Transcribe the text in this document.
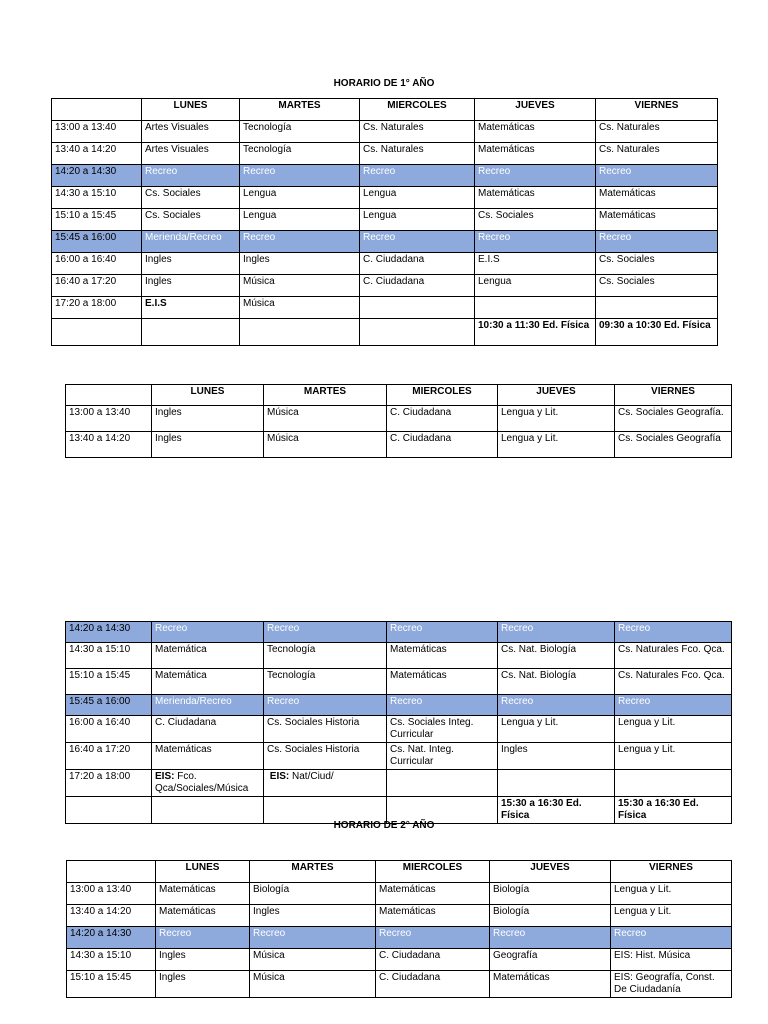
HORARIO DE 1° AÑO
	LUNES	MARTES	MIERCOLES	JUEVES	VIERNES
13:00 a 13:40	Artes Visuales	Tecnología	Cs. Naturales	Matemáticas	Cs. Naturales
13:40 a 14:20	Artes Visuales	Tecnología	Cs. Naturales	Matemáticas	Cs. Naturales
14:20 a 14:30	Recreo	Recreo	Recreo	Recreo	Recreo
14:30 a 15:10	Cs. Sociales	Lengua	Lengua	Matemáticas	Matemáticas
15:10 a 15:45	Cs. Sociales	Lengua	Lengua	Cs. Sociales	Matemáticas
15:45 a 16:00	Merienda/Recreo	Recreo	Recreo	Recreo	Recreo
16:00 a 16:40	Ingles	Ingles	C. Ciudadana	E.I.S	Cs. Sociales
16:40 a 17:20	Ingles	Música	C. Ciudadana	Lengua	Cs. Sociales
17:20 a 18:00	E.I.S	Música			
				10:30 a 11:30 Ed. Física	09:30 a 10:30 Ed. Física
	LUNES	MARTES	MIERCOLES	JUEVES	VIERNES
13:00 a 13:40	Ingles	Música	C. Ciudadana	Lengua y Lit.	Cs. Sociales Geografía.
13:40 a 14:20	Ingles	Música	C. Ciudadana	Lengua y Lit.	Cs. Sociales Geografía
14:20 a 14:30	Recreo	Recreo	Recreo	Recreo	Recreo
14:30 a 15:10	Matemática	Tecnología	Matemáticas	Cs. Nat. Biología	Cs. Naturales Fco. Qca.
15:10 a 15:45	Matemática	Tecnología	Matemáticas	Cs. Nat. Biología	Cs. Naturales Fco. Qca.
15:45 a 16:00	Merienda/Recreo	Recreo	Recreo	Recreo	Recreo
16:00 a 16:40	C. Ciudadana	Cs. Sociales Historia	Cs. Sociales Integ. Curricular	Lengua y Lit.	Lengua y Lit.
16:40 a 17:20	Matemáticas	Cs. Sociales Historia	Cs. Nat. Integ. Curricular	Ingles	Lengua y Lit.
17:20 a 18:00	EIS: Fco. Qca/Sociales/Música	EIS: Nat/Ciud/			
				15:30 a 16:30 Ed. Física	15:30 a 16:30 Ed. Física
HORARIO DE 2° AÑO
	LUNES	MARTES	MIERCOLES	JUEVES	VIERNES
13:00 a 13:40	Matemáticas	Biología	Matemáticas	Biología	Lengua y Lit.
13:40 a 14:20	Matemáticas	Ingles	Matemáticas	Biología	Lengua y Lit.
14:20 a 14:30	Recreo	Recreo	Recreo	Recreo	Recreo
14:30 a 15:10	Ingles	Música	C. Ciudadana	Geografía	EIS: Hist. Música
15:10 a 15:45	Ingles	Música	C. Ciudadana	Matemáticas	EIS: Geografía, Const. De Ciudadanía
